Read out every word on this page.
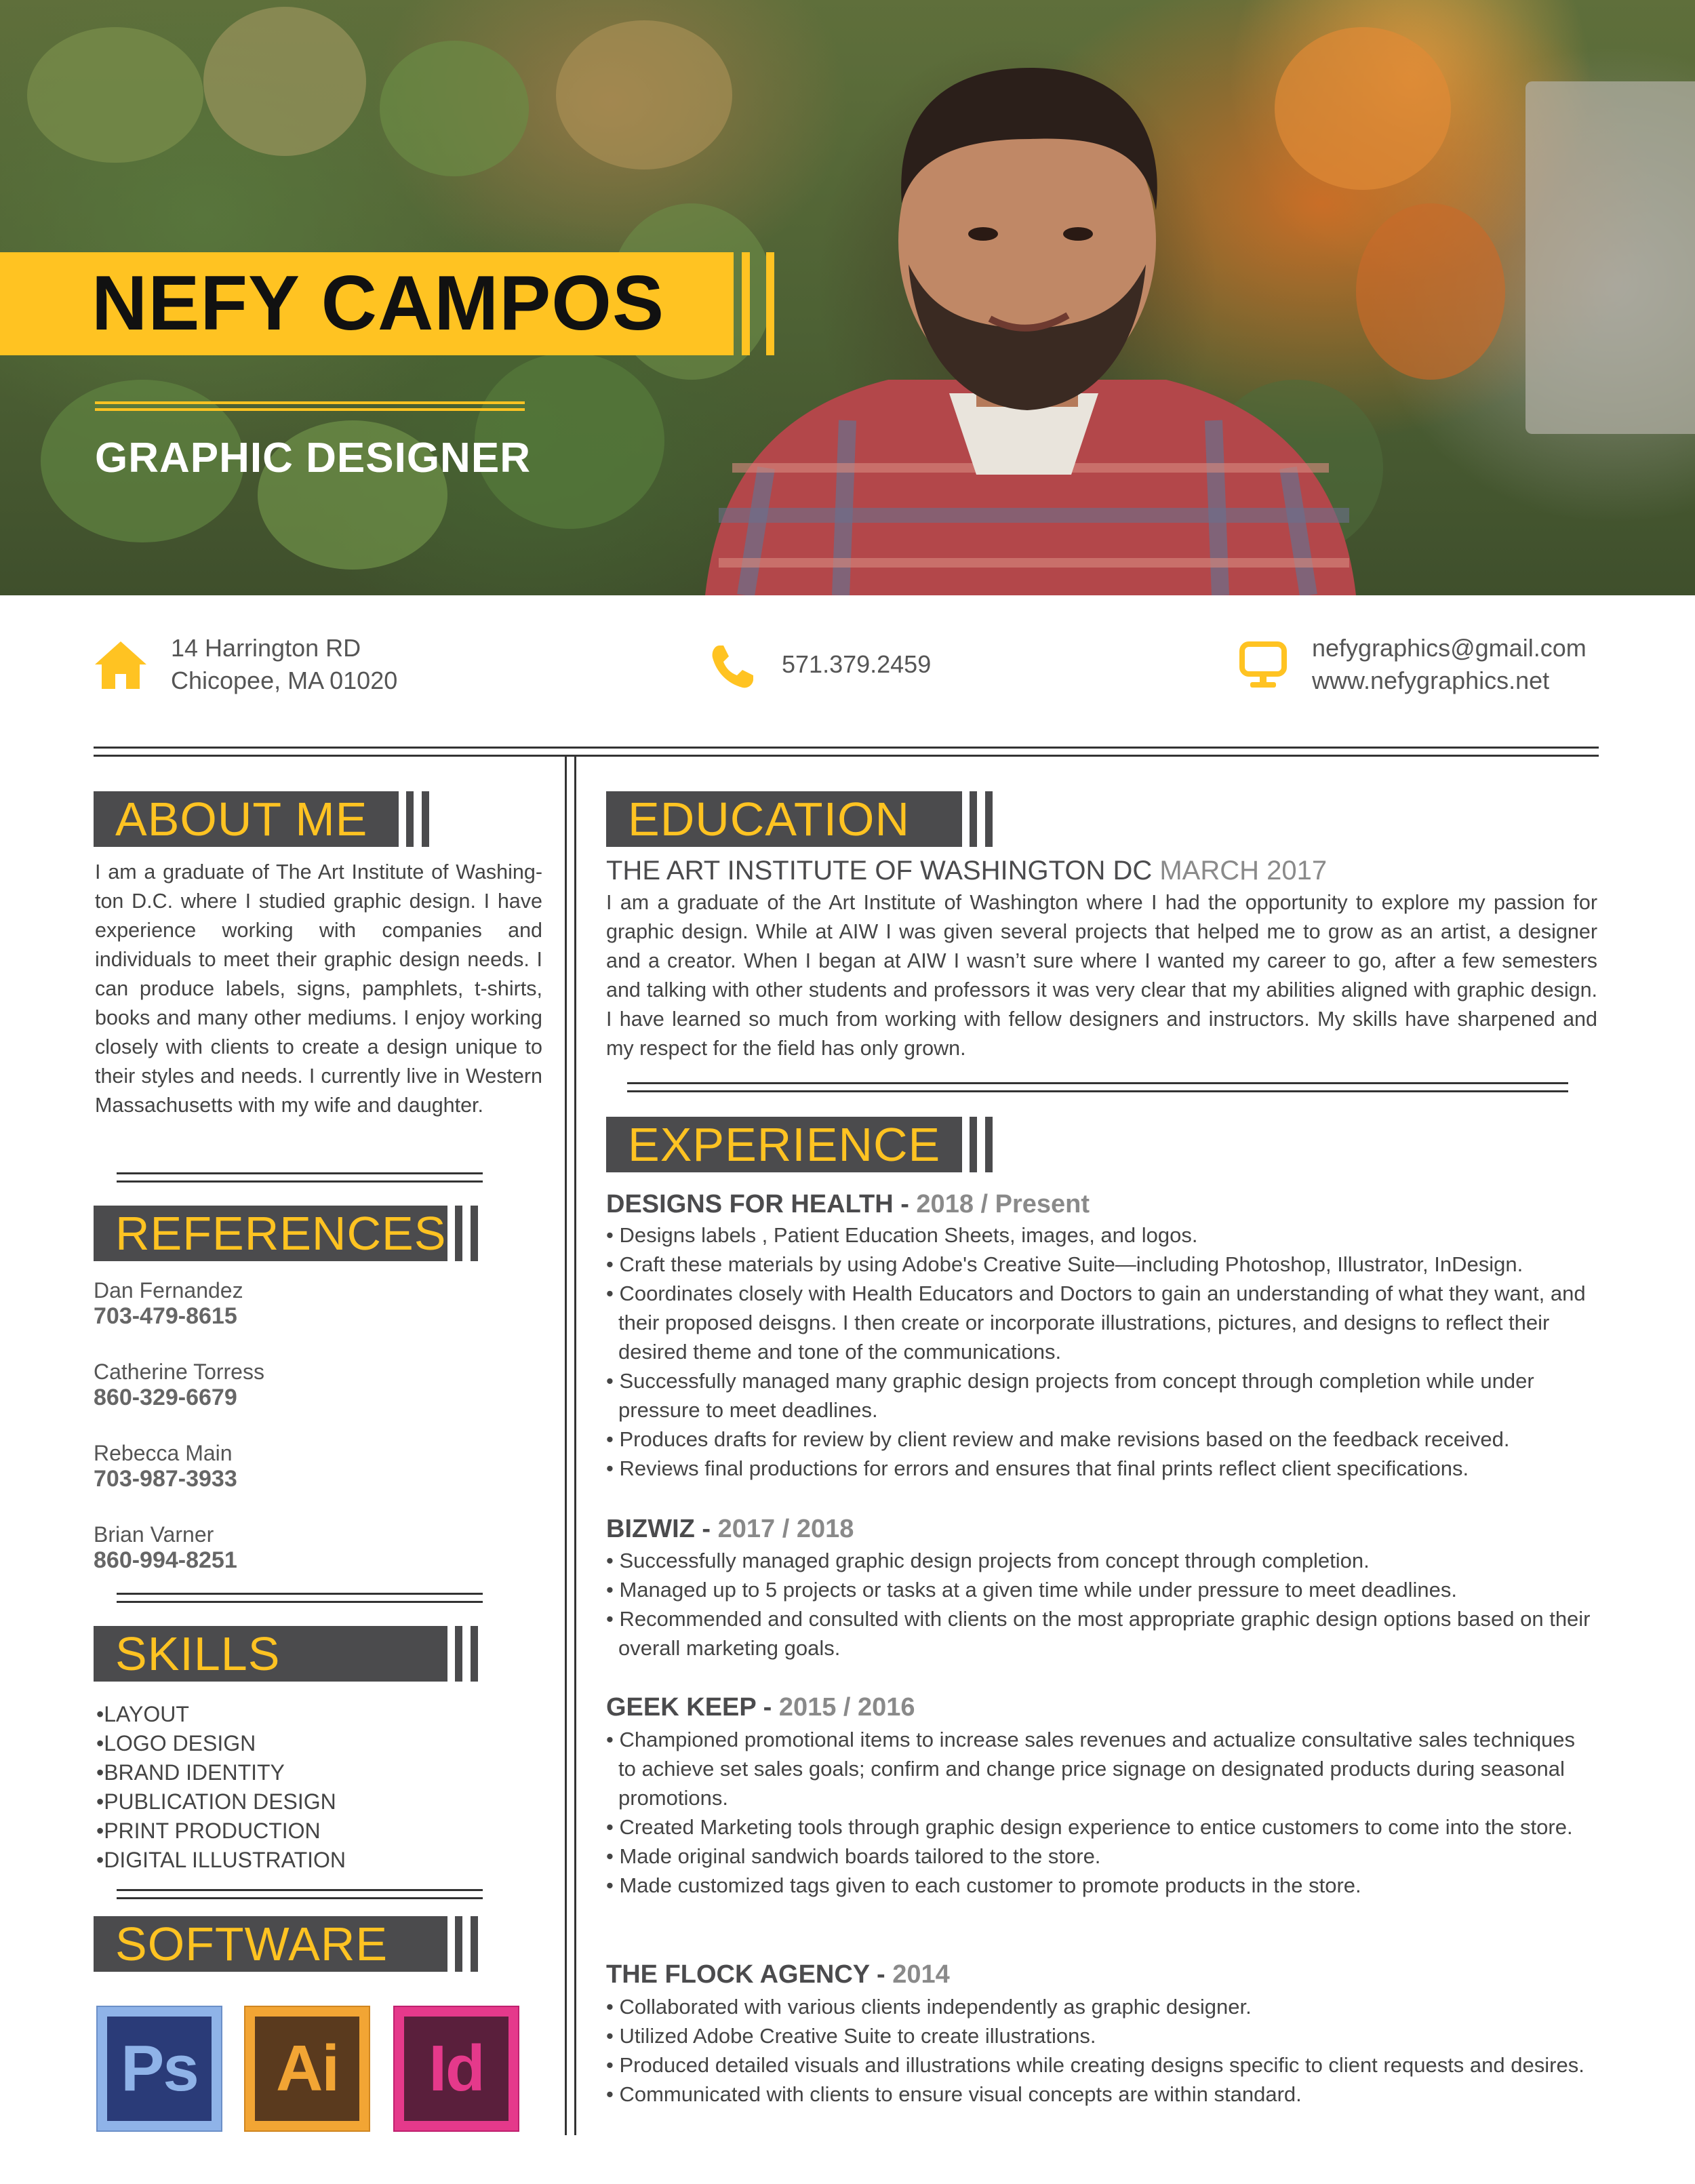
NEFY CAMPOS
GRAPHIC DESIGNER
14 Harrington RD
Chicopee, MA 01020
571.379.2459
nefygraphics@gmail.com
www.nefygraphics.net
ABOUT ME
I am a graduate of The Art Institute of Washing-ton D.C. where I studied graphic design. I have experience working with companies and individuals to meet their graphic design needs. I can produce labels, signs, pamphlets, t-shirts, books and many other mediums. I enjoy working closely with clients to create a design unique to their styles and needs. I currently live in Western Massachusetts with my wife and daughter.
REFERENCES
Dan Fernandez
703-479-8615
Catherine Torress
860-329-6679
Rebecca Main
703-987-3933
Brian Varner
860-994-8251
SKILLS
•LAYOUT
•LOGO DESIGN
•BRAND IDENTITY
•PUBLICATION DESIGN
•PRINT PRODUCTION
•DIGITAL ILLUSTRATION
SOFTWARE
Ps	Ai	Id
EDUCATION
THE ART INSTITUTE OF WASHINGTON DC MARCH 2017
I am a graduate of the Art Institute of Washington where I had the opportunity to explore my passion for graphic design. While at AIW I was given several projects that helped me to grow as an artist, a designer and a creator. When I began at AIW I wasn’t sure where I wanted my career to go, after a few semesters and talking with other students and professors it was very clear that my abilities aligned with graphic design. I have learned so much from working with fellow designers and instructors. My skills have sharpened and my respect for the field has only grown.
EXPERIENCE
DESIGNS FOR HEALTH - 2018 / Present
• Designs labels , Patient Education Sheets, images, and logos.
• Craft these materials by using Adobe's Creative Suite—including Photoshop, Illustrator, InDesign.
• Coordinates closely with Health Educators and Doctors to gain an understanding of what they want, and their proposed deisgns. I then create or incorporate illustrations, pictures, and designs to reflect their desired theme and tone of the communications.
• Successfully managed many graphic design projects from concept through completion while under pressure to meet deadlines.
• Produces drafts for review by client review and make revisions based on the feedback received.
• Reviews final productions for errors and ensures that final prints reflect client specifications.
BIZWIZ - 2017 / 2018
• Successfully managed graphic design projects from concept through completion.
• Managed up to 5 projects or tasks at a given time while under pressure to meet deadlines.
• Recommended and consulted with clients on the most appropriate graphic design options based on their overall marketing goals.
GEEK KEEP - 2015 / 2016
• Championed promotional items to increase sales revenues and actualize consultative sales techniques to achieve set sales goals; confirm and change price signage on designated products during seasonal promotions.
• Created Marketing tools through graphic design experience to entice customers to come into the store.
• Made original sandwich boards tailored to the store.
• Made customized tags given to each customer to promote products in the store.
THE FLOCK AGENCY - 2014
• Collaborated with various clients independently as graphic designer.
• Utilized Adobe Creative Suite to create illustrations.
• Produced detailed visuals and illustrations while creating designs specific to client requests and desires.
• Communicated with clients to ensure visual concepts are within standard.
